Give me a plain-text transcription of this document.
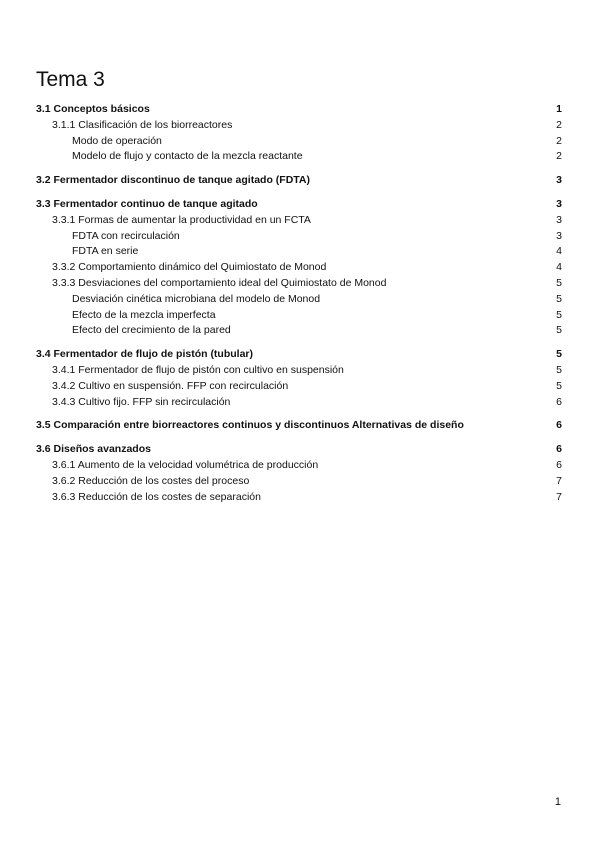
Tema 3
3.1 Conceptos básicos	1
3.1.1 Clasificación de los biorreactores	2
Modo de operación	2
Modelo de flujo y contacto de la mezcla reactante	2
3.2 Fermentador discontinuo de tanque agitado (FDTA)	3
3.3 Fermentador continuo de tanque agitado	3
3.3.1 Formas de aumentar la productividad en un FCTA	3
FDTA con recirculación	3
FDTA en serie	4
3.3.2 Comportamiento dinámico del Quimiostato de Monod	4
3.3.3 Desviaciones del comportamiento ideal del Quimiostato de Monod	5
Desviación cinética microbiana del modelo de Monod	5
Efecto de la mezcla imperfecta	5
Efecto del crecimiento de la pared	5
3.4 Fermentador de flujo de pistón (tubular)	5
3.4.1 Fermentador de flujo de pistón con cultivo en suspensión	5
3.4.2 Cultivo en suspensión. FFP con recirculación	5
3.4.3 Cultivo fijo. FFP sin recirculación	6
3.5 Comparación entre biorreactores continuos y discontinuos Alternativas de diseño	6
3.6 Diseños avanzados	6
3.6.1 Aumento de la velocidad volumétrica de producción	6
3.6.2 Reducción de los costes del proceso	7
3.6.3 Reducción de los costes de separación	7
1
